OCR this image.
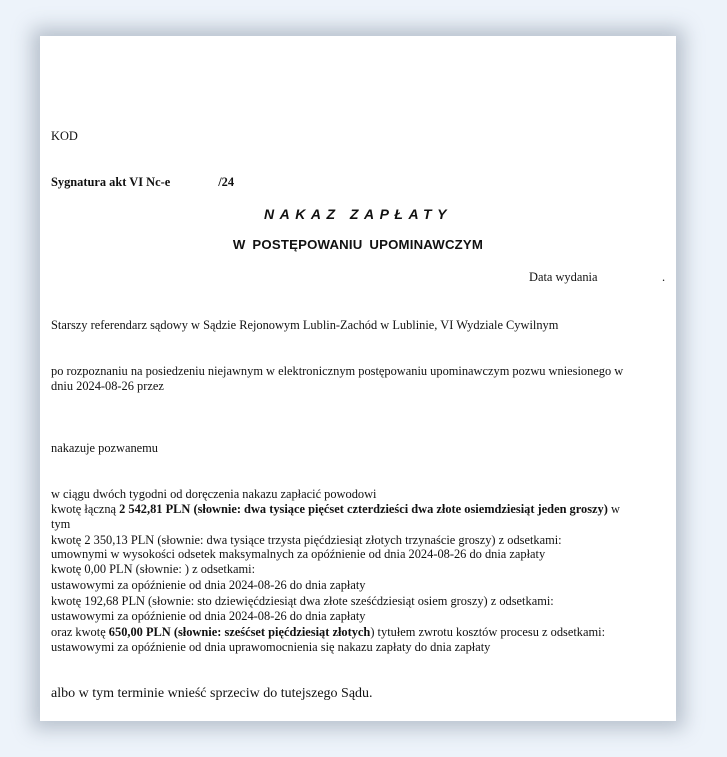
KOD
Sygnatura akt VI Nc-e	/24
NAKAZ ZAPŁATY
W POSTĘPOWANIU UPOMINAWCZYM
Data wydania	.
Starszy referendarz sądowy w Sądzie Rejonowym Lublin-Zachód w Lublinie, VI Wydziale Cywilnym
po rozpoznaniu na posiedzeniu niejawnym w elektronicznym postępowaniu upominawczym pozwu wniesionego w
dniu 2024-08-26 przez
nakazuje pozwanemu
w ciągu dwóch tygodni od doręczenia nakazu zapłacić powodowi
kwotę łączną 2 542,81 PLN (słownie: dwa tysiące pięćset czterdzieści dwa złote osiemdziesiąt jeden groszy) w
tym
kwotę 2 350,13 PLN (słownie: dwa tysiące trzysta pięćdziesiąt złotych trzynaście groszy) z odsetkami:
umownymi w wysokości odsetek maksymalnych za opóźnienie od dnia 2024-08-26 do dnia zapłaty
kwotę 0,00 PLN (słownie: ) z odsetkami:
ustawowymi za opóźnienie od dnia 2024-08-26 do dnia zapłaty
kwotę 192,68 PLN (słownie: sto dziewięćdziesiąt dwa złote sześćdziesiąt osiem groszy) z odsetkami:
ustawowymi za opóźnienie od dnia 2024-08-26 do dnia zapłaty
oraz kwotę 650,00 PLN (słownie: sześćset pięćdziesiąt złotych) tytułem zwrotu kosztów procesu z odsetkami:
ustawowymi za opóźnienie od dnia uprawomocnienia się nakazu zapłaty do dnia zapłaty
albo w tym terminie wnieść sprzeciw do tutejszego Sądu.
